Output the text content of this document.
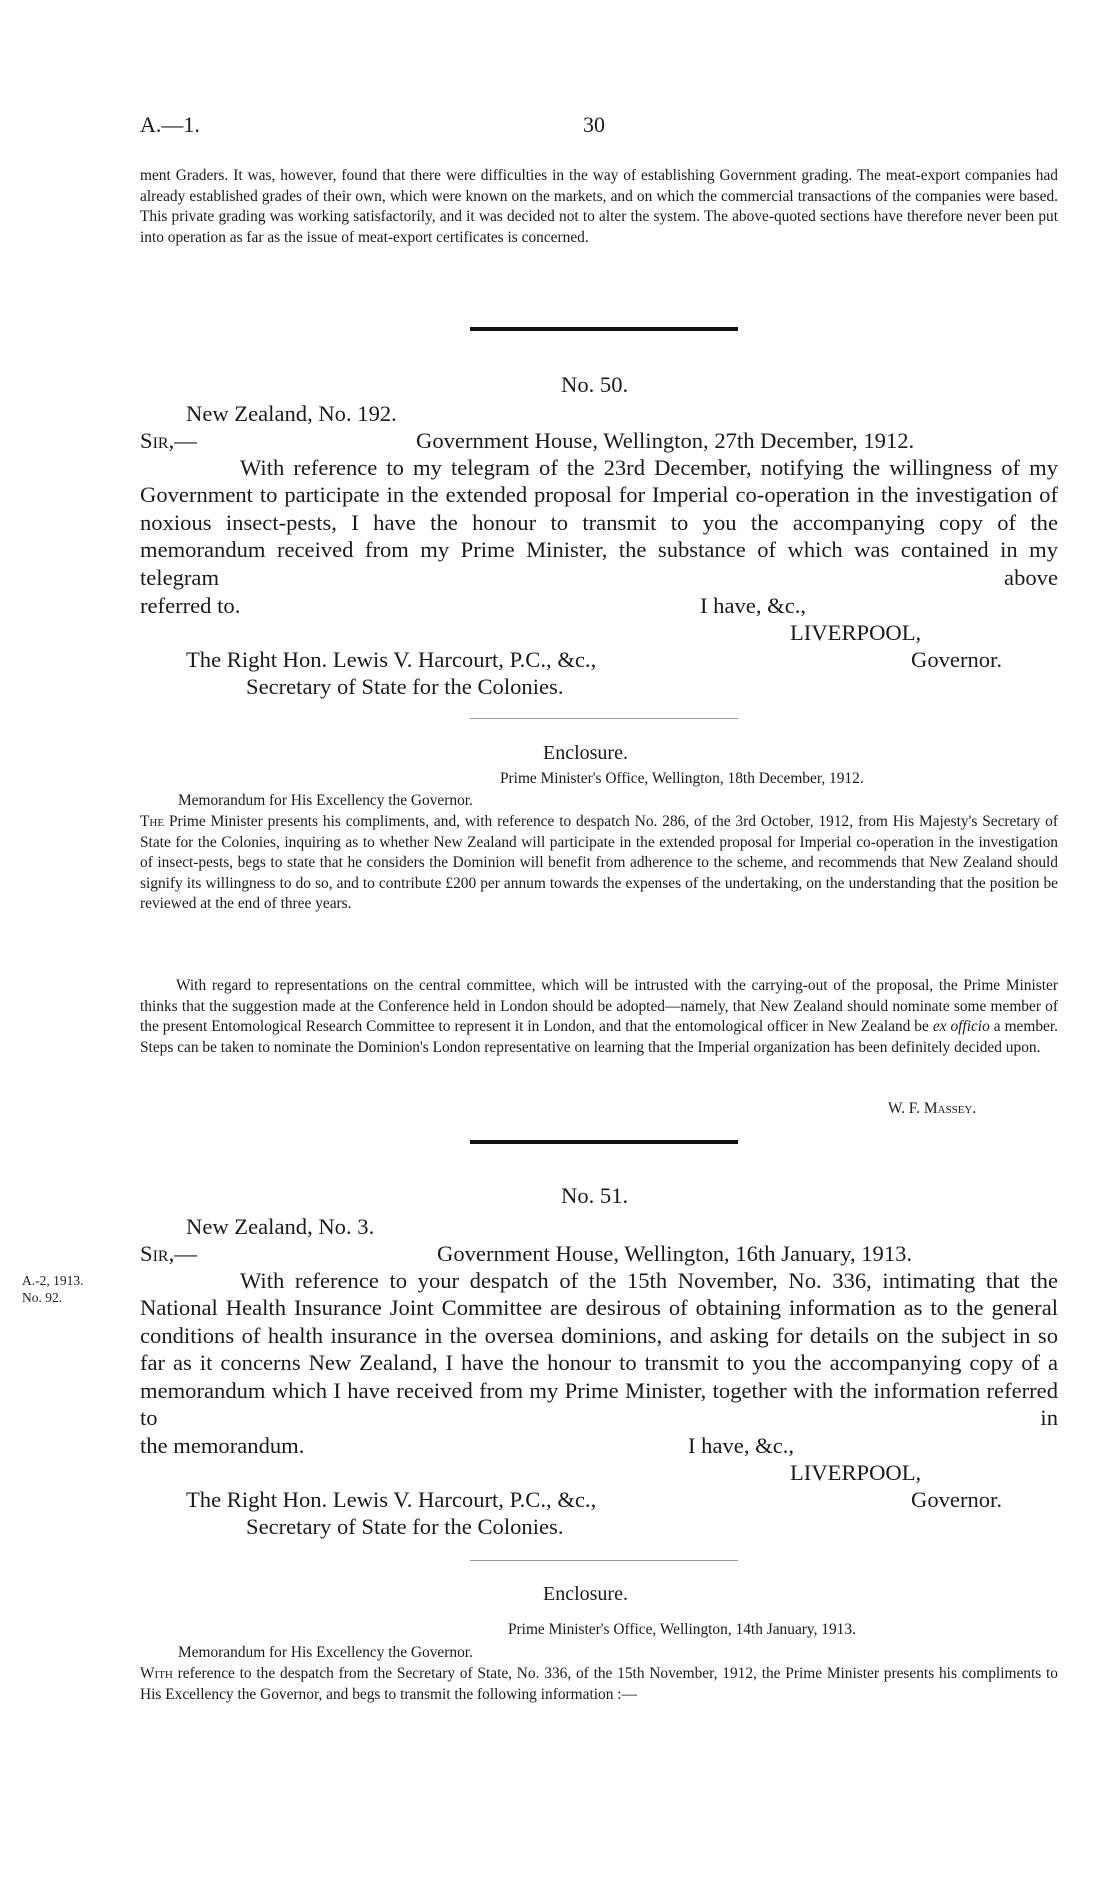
A.—1.	30
ment Graders. It was, however, found that there were difficulties in the way of establishing Government grading. The meat-export companies had already established grades of their own, which were known on the markets, and on which the commercial transactions of the companies were based. This private grading was working satisfactorily, and it was decided not to alter the system. The above-quoted sections have therefore never been put into operation as far as the issue of meat-export certificates is concerned.
No. 50.
New Zealand, No. 192.
Sir,—	Government House, Wellington, 27th December, 1912.
With reference to my telegram of the 23rd December, notifying the willingness of my Government to participate in the extended proposal for Imperial co-operation in the investigation of noxious insect-pests, I have the honour to transmit to you the accompanying copy of the memorandum received from my Prime Minister, the substance of which was contained in my telegram above
referred to.	I have, &c.,
LIVERPOOL,
The Right Hon. Lewis V. Harcourt, P.C., &c.,	Governor.
Secretary of State for the Colonies.
Enclosure.
Prime Minister's Office, Wellington, 18th December, 1912.
Memorandum for His Excellency the Governor.
The Prime Minister presents his compliments, and, with reference to despatch No. 286, of the 3rd October, 1912, from His Majesty's Secretary of State for the Colonies, inquiring as to whether New Zealand will participate in the extended proposal for Imperial co-operation in the investigation of insect-pests, begs to state that he considers the Dominion will benefit from adherence to the scheme, and recommends that New Zealand should signify its willingness to do so, and to contribute £200 per annum towards the expenses of the undertaking, on the understanding that the position be reviewed at the end of three years.
With regard to representations on the central committee, which will be intrusted with the carrying-out of the proposal, the Prime Minister thinks that the suggestion made at the Conference held in London should be adopted—namely, that New Zealand should nominate some member of the present Entomological Research Committee to represent it in London, and that the entomological officer in New Zealand be ex officio a member. Steps can be taken to nominate the Dominion's London representative on learning that the Imperial organization has been definitely decided upon.
W. F. Massey.
No. 51.
New Zealand, No. 3.
Sir,—	Government House, Wellington, 16th January, 1913.
A.-2, 1913.
No. 92.
With reference to your despatch of the 15th November, No. 336, intimating that the National Health Insurance Joint Committee are desirous of obtaining information as to the general conditions of health insurance in the oversea dominions, and asking for details on the subject in so far as it concerns New Zealand, I have the honour to transmit to you the accompanying copy of a memorandum which I have received from my Prime Minister, together with the information referred to in
the memorandum.	I have, &c.,
LIVERPOOL,
The Right Hon. Lewis V. Harcourt, P.C., &c.,	Governor.
Secretary of State for the Colonies.
Enclosure.
Prime Minister's Office, Wellington, 14th January, 1913.
Memorandum for His Excellency the Governor.
With reference to the despatch from the Secretary of State, No. 336, of the 15th November, 1912, the Prime Minister presents his compliments to His Excellency the Governor, and begs to transmit the following information :—
